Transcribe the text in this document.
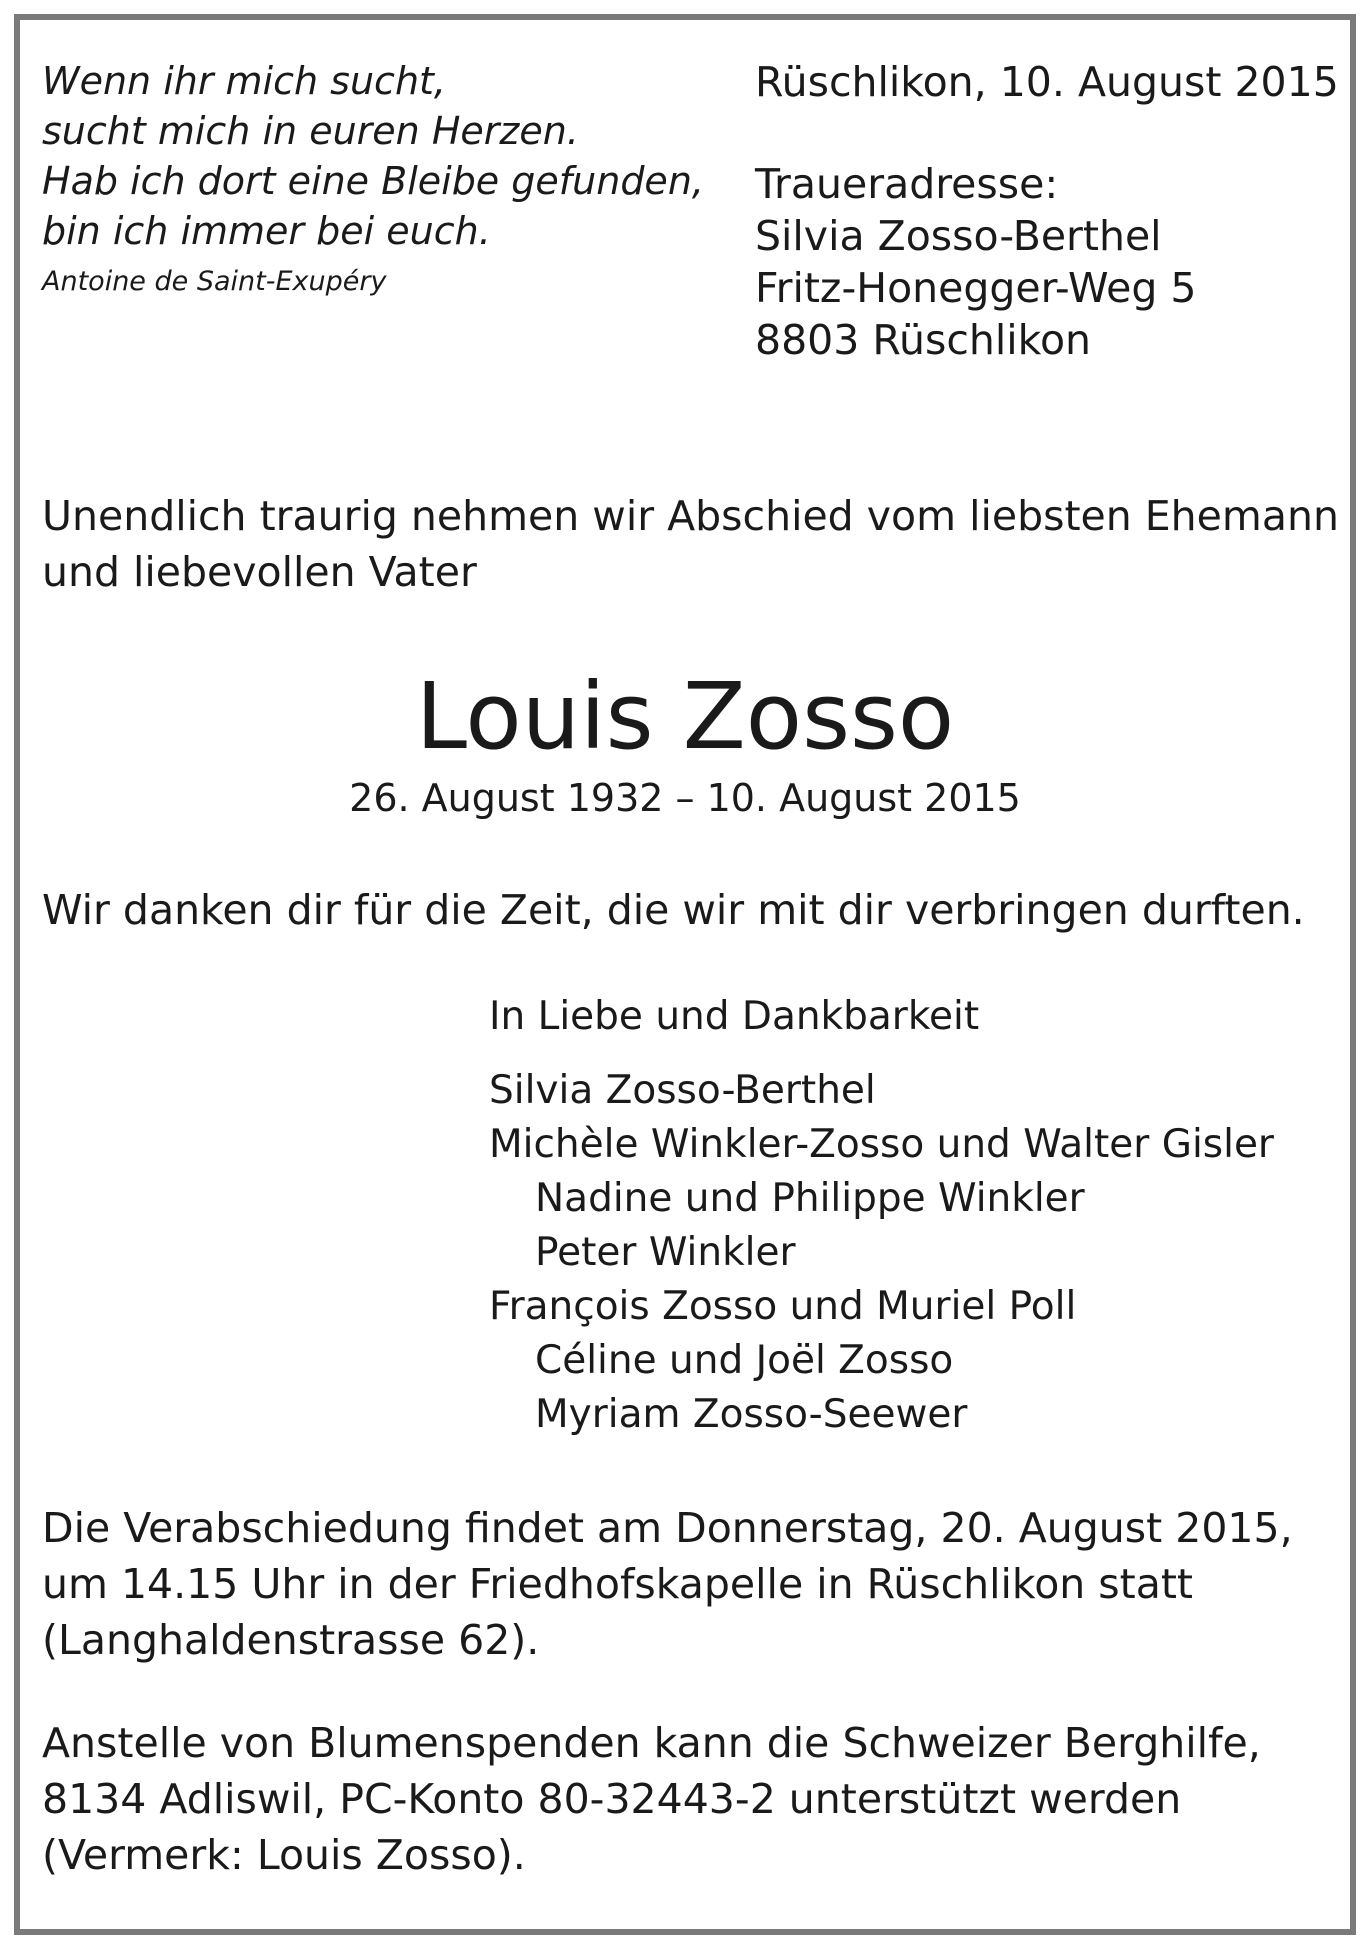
Wenn ihr mich sucht,
sucht mich in euren Herzen.
Hab ich dort eine Bleibe gefunden,
bin ich immer bei euch.
Antoine de Saint-Exupéry
Rüschlikon, 10. August 2015
Traueradresse:
Silvia Zosso-Berthel
Fritz-Honegger-Weg 5
8803 Rüschlikon
Unendlich traurig nehmen wir Abschied vom liebsten Ehemann
und liebevollen Vater
Louis Zosso
26. August 1932 – 10. August 2015
Wir danken dir für die Zeit, die wir mit dir verbringen durften.
In Liebe und Dankbarkeit
Silvia Zosso-Berthel
Michèle Winkler-Zosso und Walter Gisler
Nadine und Philippe Winkler
Peter Winkler
François Zosso und Muriel Poll
Céline und Joël Zosso
Myriam Zosso-Seewer
Die Verabschiedung findet am Donnerstag, 20. August 2015,
um 14.15 Uhr in der Friedhofskapelle in Rüschlikon statt
(Langhaldenstrasse 62).
Anstelle von Blumenspenden kann die Schweizer Berghilfe,
8134 Adliswil, PC-Konto 80-32443-2 unterstützt werden
(Vermerk: Louis Zosso).
